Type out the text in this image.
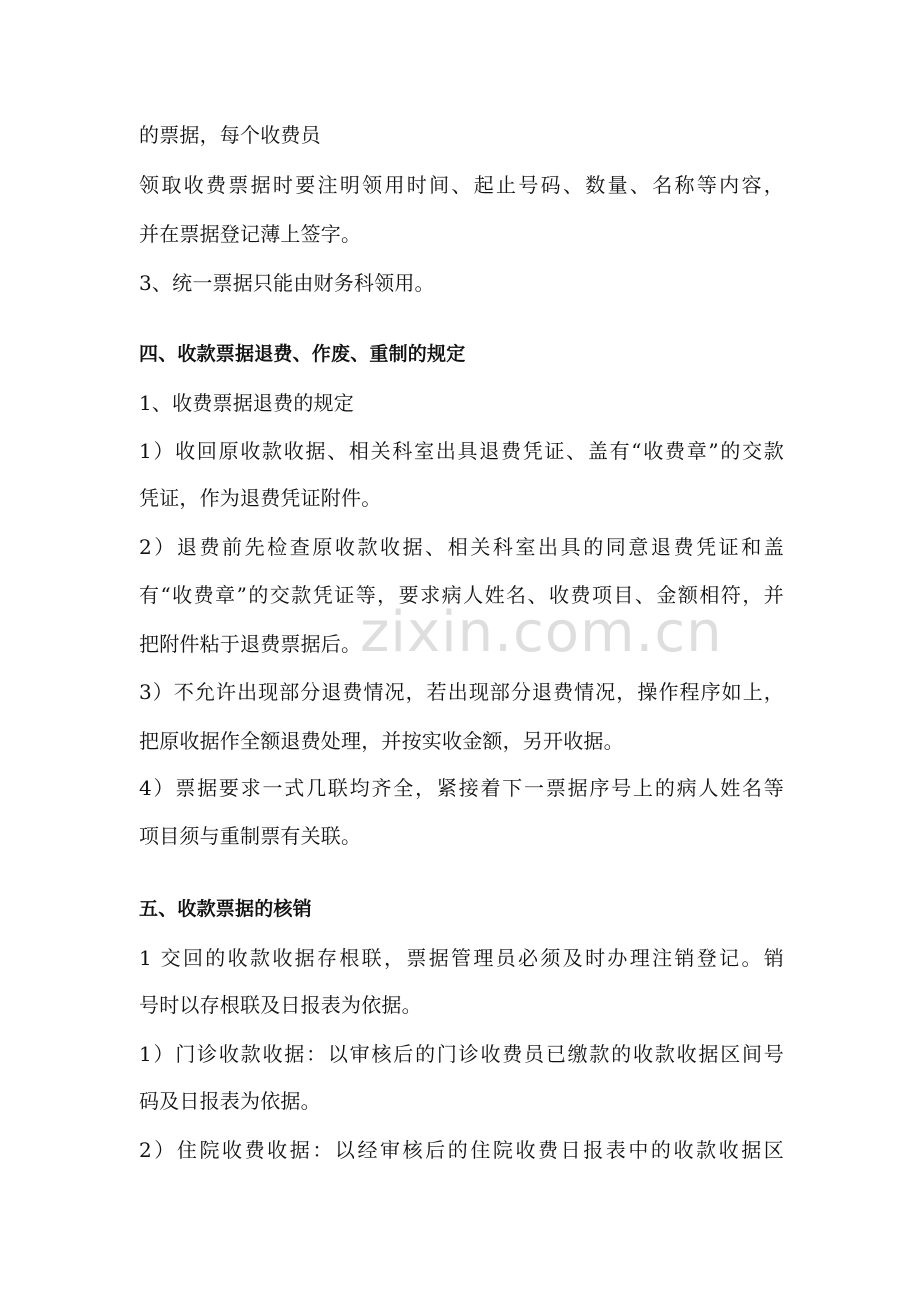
的票据，每个收费员
领取收费票据时要注明领用时间、起止号码、数量、名称等内容，
并在票据登记薄上签字。
3、统一票据只能由财务科领用。
四、收款票据退费、作废、重制的规定
1、收费票据退费的规定
1）收回原收款收据、相关科室出具退费凭证、盖有“收费章”的交款
凭证，作为退费凭证附件。
2）退费前先检查原收款收据、相关科室出具的同意退费凭证和盖
有“收费章”的交款凭证等，要求病人姓名、收费项目、金额相符，并
把附件粘于退费票据后。
3）不允许出现部分退费情况，若出现部分退费情况，操作程序如上，
把原收据作全额退费处理，并按实收金额，另开收据。
4）票据要求一式几联均齐全，紧接着下一票据序号上的病人姓名等
项目须与重制票有关联。
五、收款票据的核销
1 交回的收款收据存根联，票据管理员必须及时办理注销登记。销
号时以存根联及日报表为依据。
1）门诊收款收据：以审核后的门诊收费员已缴款的收款收据区间号
码及日报表为依据。
2）住院收费收据：以经审核后的住院收费日报表中的收款收据区
zixin.com.cn
